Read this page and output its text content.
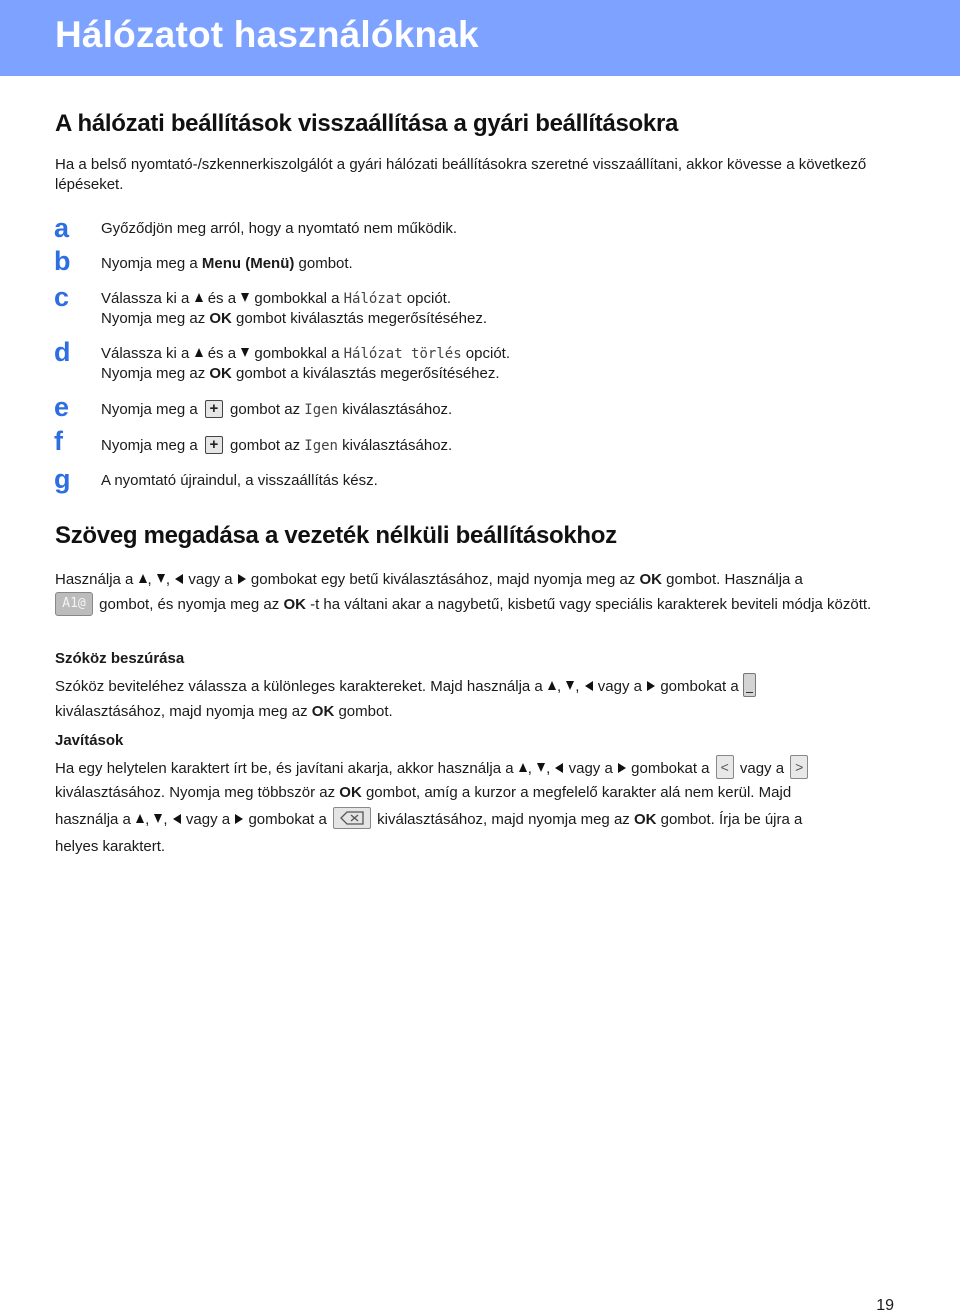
Hálózatot használóknak
A hálózati beállítások visszaállítása a gyári beállításokra

Ha a belső nyomtató-/szkennerkiszolgálót a gyári hálózati beállításokra szeretné visszaállítani, akkor kövesse a következő lépéseket.

a Győződjön meg arról, hogy a nyomtató nem működik.
b Nyomja meg a Menu (Menü) gombot.
c Válassza ki a  és a  gombokkal a Hálózat opciót.
Nyomja meg az OK gombot kiválasztás megerősítéséhez.
d Válassza ki a  és a  gombokkal a Hálózat törlés opciót.
Nyomja meg az OK gombot a kiválasztás megerősítéséhez.
e Nyomja meg a + gombot az Igen kiválasztásához.
f	Nyomja meg a + gombot az Igen kiválasztásához.
g A nyomtató újraindul, a visszaállítás kész.
Szöveg megadása a vezeték nélküli beállításokhoz

Használja a , ,  vagy a  gombokat egy betű kiválasztásához, majd nyomja meg az OK gombot. Használja a
A1@ gombot, és nyomja meg az OK -t ha váltani akar a nagybetű, kisbetű vagy speciális karakterek beviteli módja között.

Szóköz beszúrása

Szóköz beviteléhez válassza a különleges karaktereket. Majd használja a , ,  vagy a  gombokat a
kiválasztásához, majd nyomja meg az OK gombot.

Javítások

Ha egy helytelen karaktert írt be, és javítani akarja, akkor használja a , ,  vagy a  gombokat a < vagy a >
kiválasztásához. Nyomja meg többször az OK gombot, amíg a kurzor a megfelelő karakter alá nem kerül. Majd
használja a , ,  vagy a  gombokat a	kiválasztásához, majd nyomja meg az OK gombot. Írja be újra a
helyes karaktert.

19
